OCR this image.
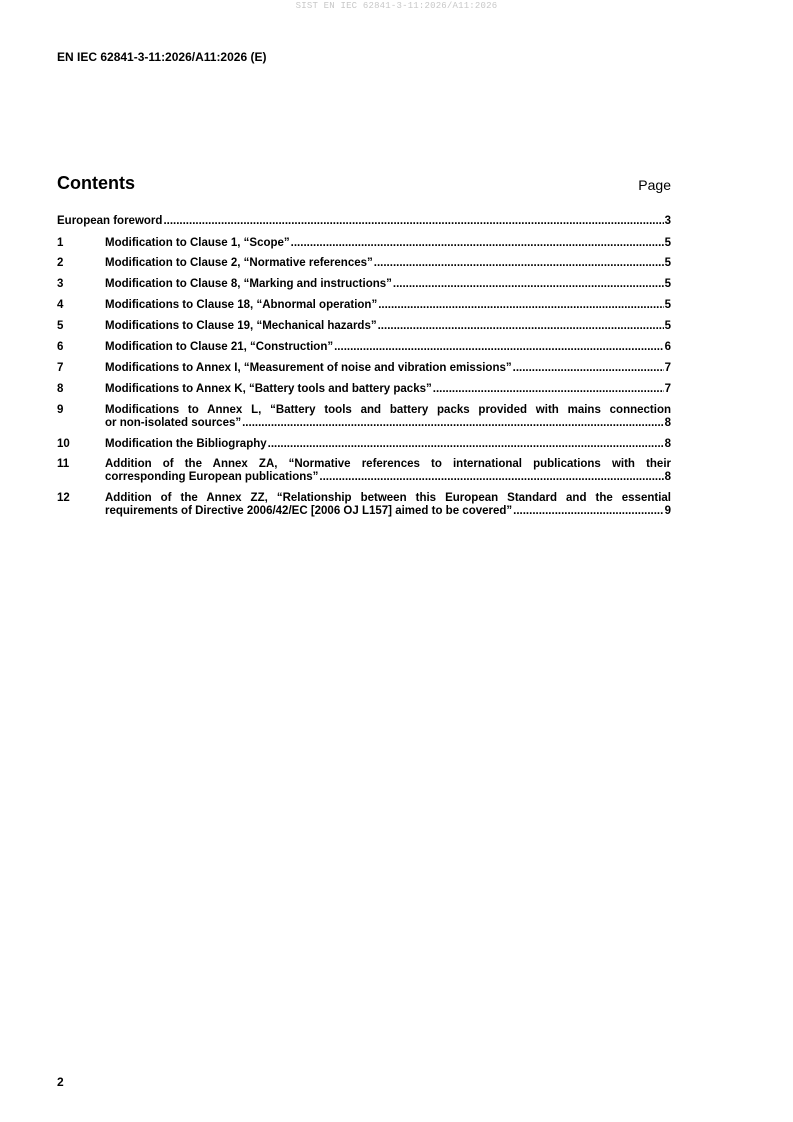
SIST EN IEC 62841-3-11:2026/A11:2026
EN IEC 62841-3-11:2026/A11:2026 (E)
Contents	Page
European foreword .....	3
1	Modification to Clause 1, “Scope” .....	5
2	Modification to Clause 2, “Normative references” .....	5
3	Modification to Clause 8, “Marking and instructions” .....	5
4	Modifications to Clause 18, “Abnormal operation” .....	5
5	Modifications to Clause 19, “Mechanical hazards” .....	5
6	Modification to Clause 21, “Construction” .....	6
7	Modifications to Annex I, “Measurement of noise and vibration emissions” .....	7
8	Modifications to Annex K, “Battery tools and battery packs” .....	7
9	Modifications to Annex L, “Battery tools and battery packs provided with mains connection
or non-isolated sources” .....	8
10	Modification the Bibliography .....	8
11	Addition of the Annex ZA, “Normative references to international publications with their
corresponding European publications” .....	8
12	Addition of the Annex ZZ, “Relationship between this European Standard and the essential
requirements of Directive 2006/42/EC [2006 OJ L157] aimed to be covered” .....	9
2
